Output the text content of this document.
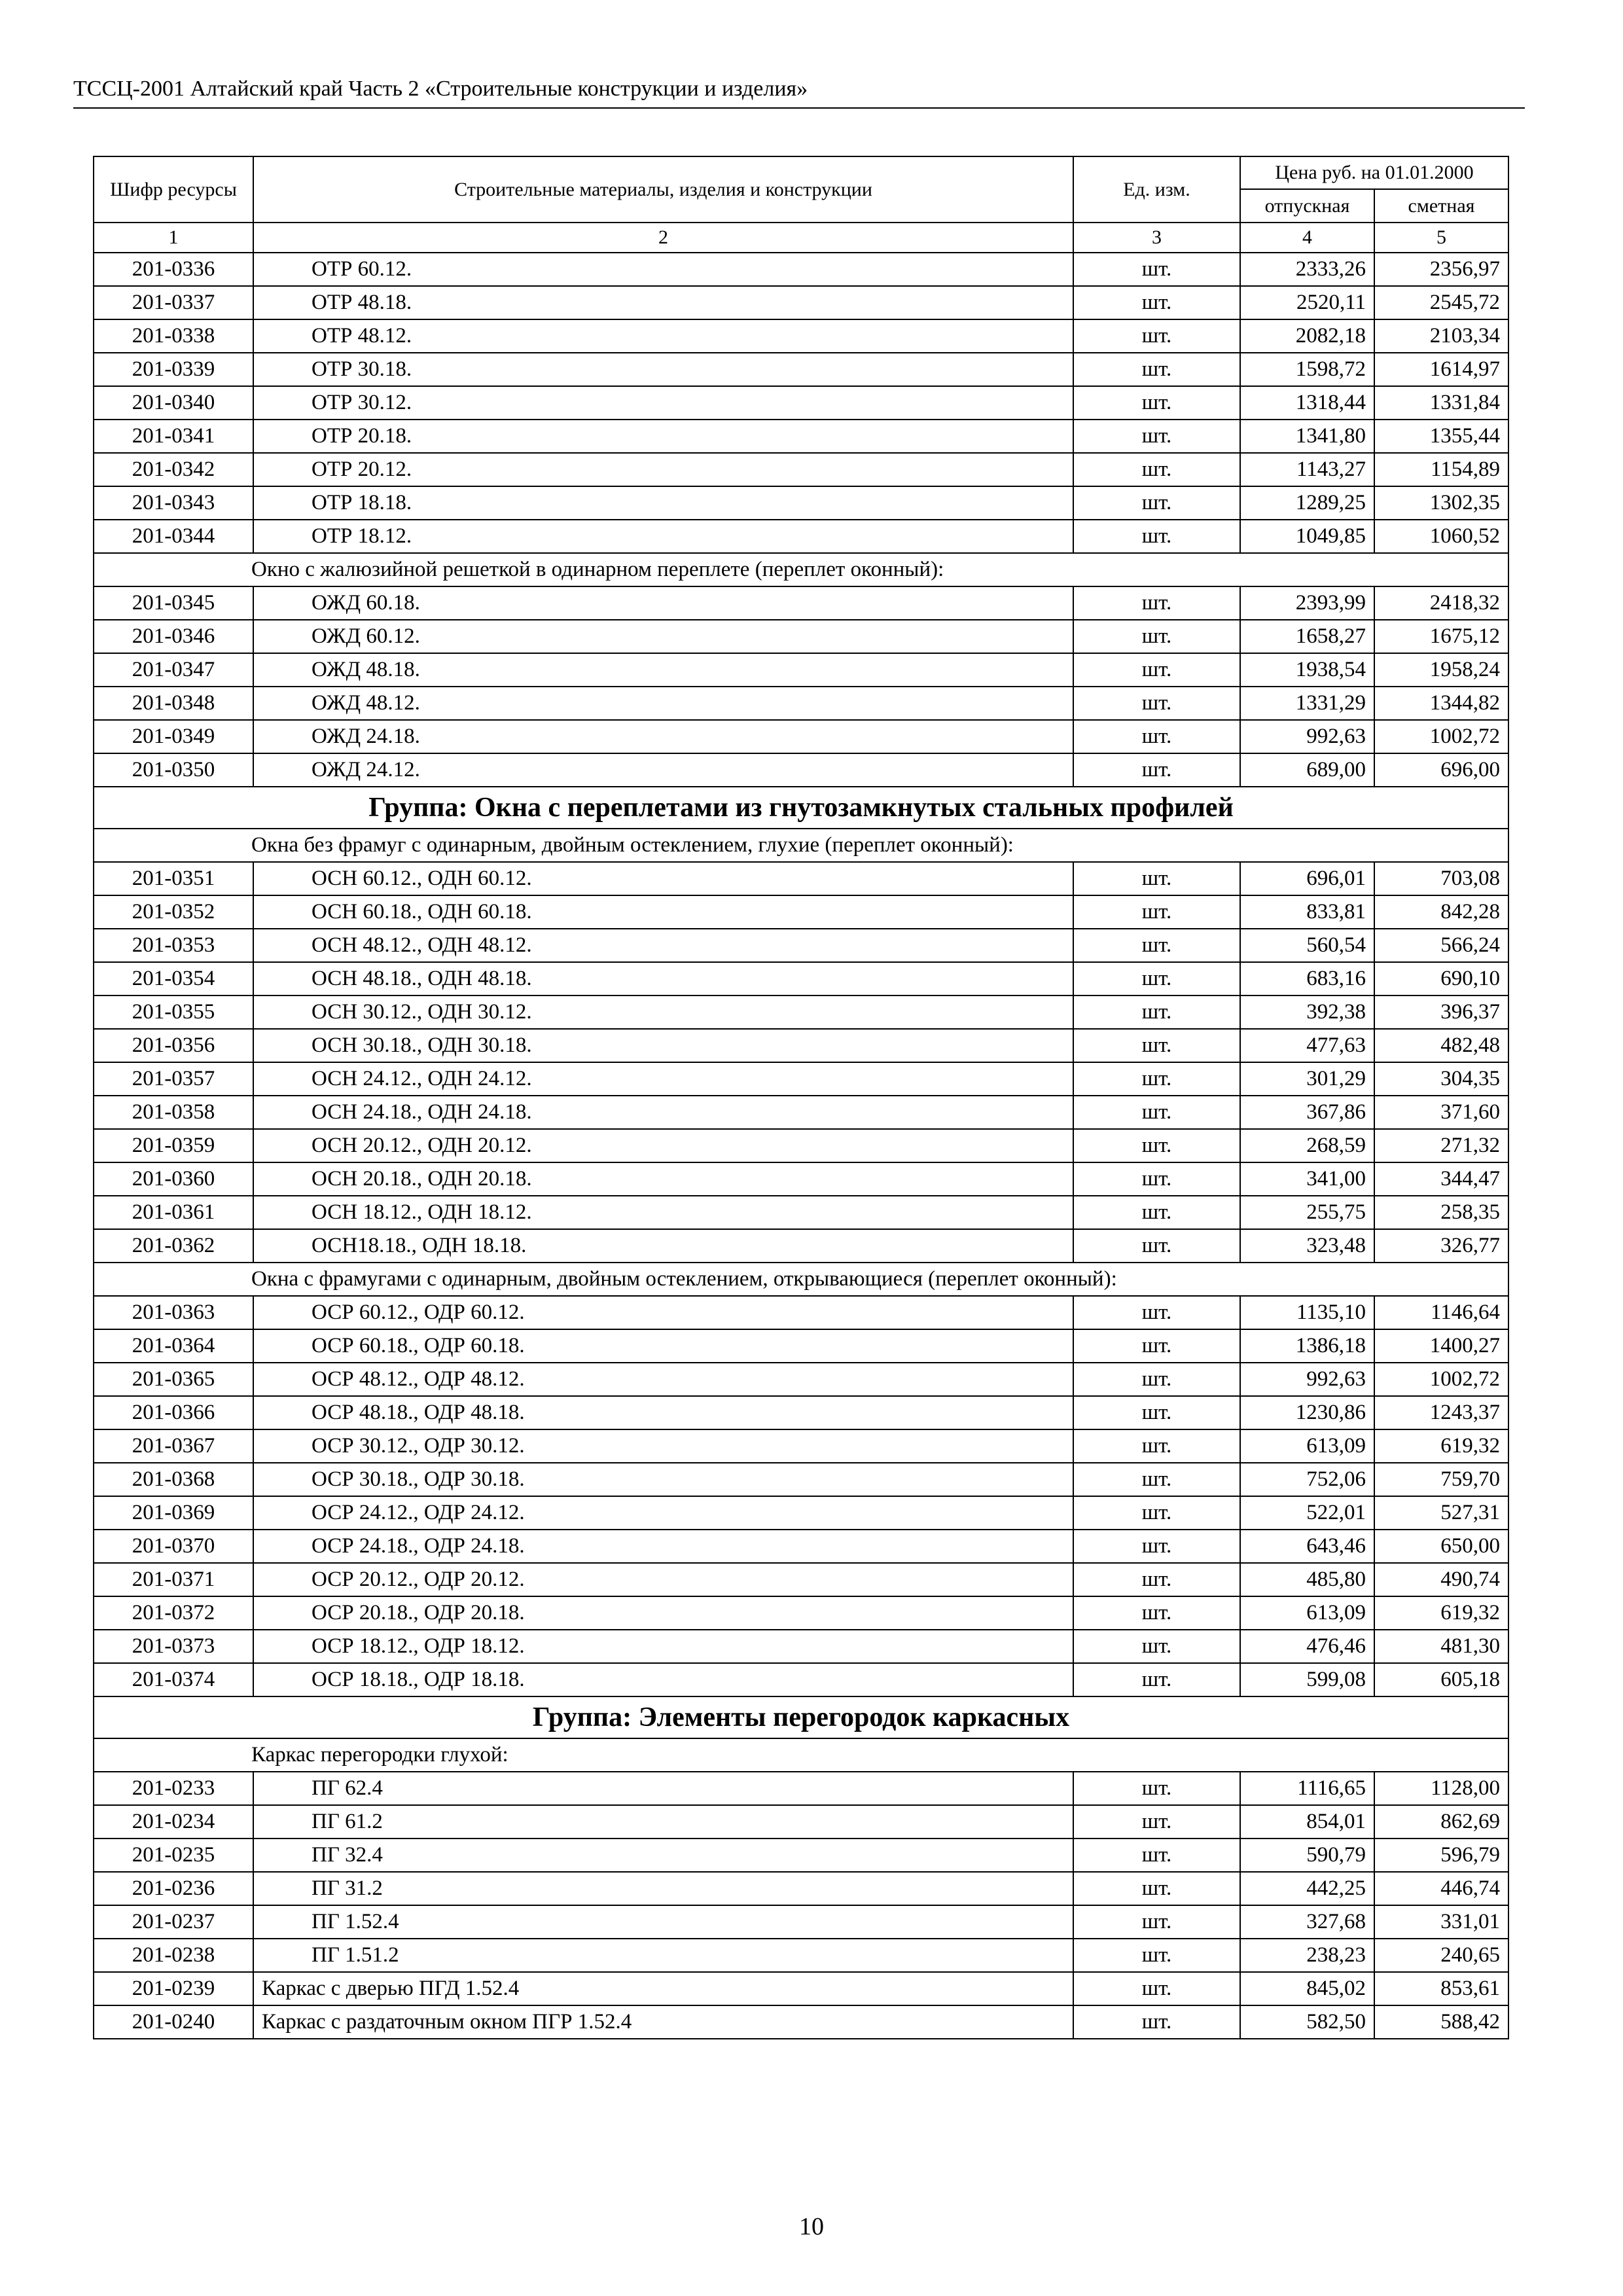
ТССЦ-2001 Алтайский край Часть 2 «Строительные конструкции и изделия»
Шифр ресурсы	Строительные материалы, изделия и конструкции	Ед. изм.	Цена руб. на 01.01.2000	
			отпускная	сметная
1	2	3	4	5
201-0336	ОТР 60.12.	шт.	2333,26	2356,97
201-0337	ОТР 48.18.	шт.	2520,11	2545,72
201-0338	ОТР 48.12.	шт.	2082,18	2103,34
201-0339	ОТР 30.18.	шт.	1598,72	1614,97
201-0340	ОТР 30.12.	шт.	1318,44	1331,84
201-0341	ОТР 20.18.	шт.	1341,80	1355,44
201-0342	ОТР 20.12.	шт.	1143,27	1154,89
201-0343	ОТР 18.18.	шт.	1289,25	1302,35
201-0344	ОТР 18.12.	шт.	1049,85	1060,52
Окно с жалюзийной решеткой в одинарном переплете (переплет оконный):				
201-0345	ОЖД 60.18.	шт.	2393,99	2418,32
201-0346	ОЖД 60.12.	шт.	1658,27	1675,12
201-0347	ОЖД 48.18.	шт.	1938,54	1958,24
201-0348	ОЖД 48.12.	шт.	1331,29	1344,82
201-0349	ОЖД 24.18.	шт.	992,63	1002,72
201-0350	ОЖД 24.12.	шт.	689,00	696,00
Группа: Окна с переплетами из гнутозамкнутых стальных профилей				
Окна без фрамуг с одинарным, двойным остеклением, глухие (переплет оконный):				
201-0351	ОСН 60.12., ОДН 60.12.	шт.	696,01	703,08
201-0352	ОСН 60.18., ОДН 60.18.	шт.	833,81	842,28
201-0353	ОСН 48.12., ОДН 48.12.	шт.	560,54	566,24
201-0354	ОСН 48.18., ОДН 48.18.	шт.	683,16	690,10
201-0355	ОСН 30.12., ОДН 30.12.	шт.	392,38	396,37
201-0356	ОСН 30.18., ОДН 30.18.	шт.	477,63	482,48
201-0357	ОСН 24.12., ОДН 24.12.	шт.	301,29	304,35
201-0358	ОСН 24.18., ОДН 24.18.	шт.	367,86	371,60
201-0359	ОСН 20.12., ОДН 20.12.	шт.	268,59	271,32
201-0360	ОСН 20.18., ОДН 20.18.	шт.	341,00	344,47
201-0361	ОСН 18.12., ОДН 18.12.	шт.	255,75	258,35
201-0362	ОСН18.18., ОДН 18.18.	шт.	323,48	326,77
Окна с фрамугами с одинарным, двойным остеклением, открывающиеся (переплет оконный):				
201-0363	ОСР 60.12., ОДР 60.12.	шт.	1135,10	1146,64
201-0364	ОСР 60.18., ОДР 60.18.	шт.	1386,18	1400,27
201-0365	ОСР 48.12., ОДР 48.12.	шт.	992,63	1002,72
201-0366	ОСР 48.18., ОДР 48.18.	шт.	1230,86	1243,37
201-0367	ОСР 30.12., ОДР 30.12.	шт.	613,09	619,32
201-0368	ОСР 30.18., ОДР 30.18.	шт.	752,06	759,70
201-0369	ОСР 24.12., ОДР 24.12.	шт.	522,01	527,31
201-0370	ОСР 24.18., ОДР 24.18.	шт.	643,46	650,00
201-0371	ОСР 20.12., ОДР 20.12.	шт.	485,80	490,74
201-0372	ОСР 20.18., ОДР 20.18.	шт.	613,09	619,32
201-0373	ОСР 18.12., ОДР 18.12.	шт.	476,46	481,30
201-0374	ОСР 18.18., ОДР 18.18.	шт.	599,08	605,18
Группа: Элементы перегородок каркасных				
Каркас перегородки глухой:				
201-0233	ПГ 62.4	шт.	1116,65	1128,00
201-0234	ПГ 61.2	шт.	854,01	862,69
201-0235	ПГ 32.4	шт.	590,79	596,79
201-0236	ПГ 31.2	шт.	442,25	446,74
201-0237	ПГ 1.52.4	шт.	327,68	331,01
201-0238	ПГ 1.51.2	шт.	238,23	240,65
201-0239	Каркас с дверью ПГД 1.52.4	шт.	845,02	853,61
201-0240	Каркас с раздаточным окном ПГР 1.52.4	шт.	582,50	588,42
10
